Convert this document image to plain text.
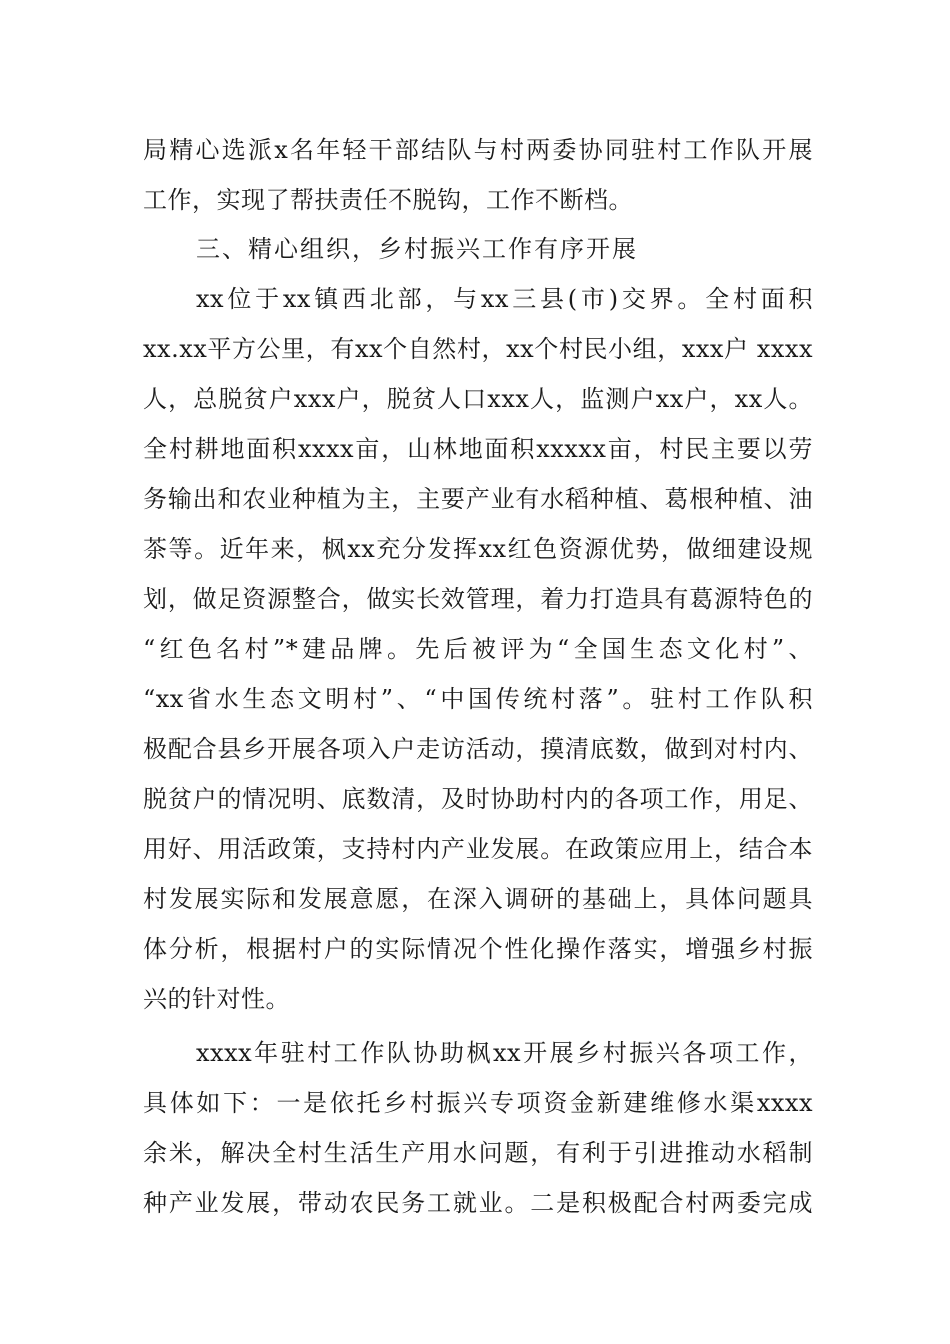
局精心选派x名年轻干部结队与村两委协同驻村工作队开展
工作，实现了帮扶责任不脱钩，工作不断档。
三、精心组织，乡村振兴工作有序开展
xx位于xx镇西北部，与xx三县(市)交界。全村面积
xx.xx平方公里，有xx个自然村，xx个村民小组，xxx户 xxxx
人，总脱贫户xxx户，脱贫人口xxx人，监测户xx户，xx人。
全村耕地面积xxxx亩，山林地面积xxxxx亩，村民主要以劳
务输出和农业种植为主，主要产业有水稻种植、葛根种植、油
茶等。近年来，枫xx充分发挥xx红色资源优势，做细建设规
划，做足资源整合，做实长效管理，着力打造具有葛源特色的
“红色名村”*建品牌。先后被评为“全国生态文化村”、
“xx省水生态文明村”、“中国传统村落”。驻村工作队积
极配合县乡开展各项入户走访活动，摸清底数，做到对村内、
脱贫户的情况明、底数清，及时协助村内的各项工作，用足、
用好、用活政策，支持村内产业发展。在政策应用上，结合本
村发展实际和发展意愿，在深入调研的基础上，具体问题具
体分析，根据村户的实际情况个性化操作落实，增强乡村振
兴的针对性。
xxxx年驻村工作队协助枫xx开展乡村振兴各项工作，
具体如下：一是依托乡村振兴专项资金新建维修水渠xxxx
余米，解决全村生活生产用水问题，有利于引进推动水稻制
种产业发展，带动农民务工就业。二是积极配合村两委完成
